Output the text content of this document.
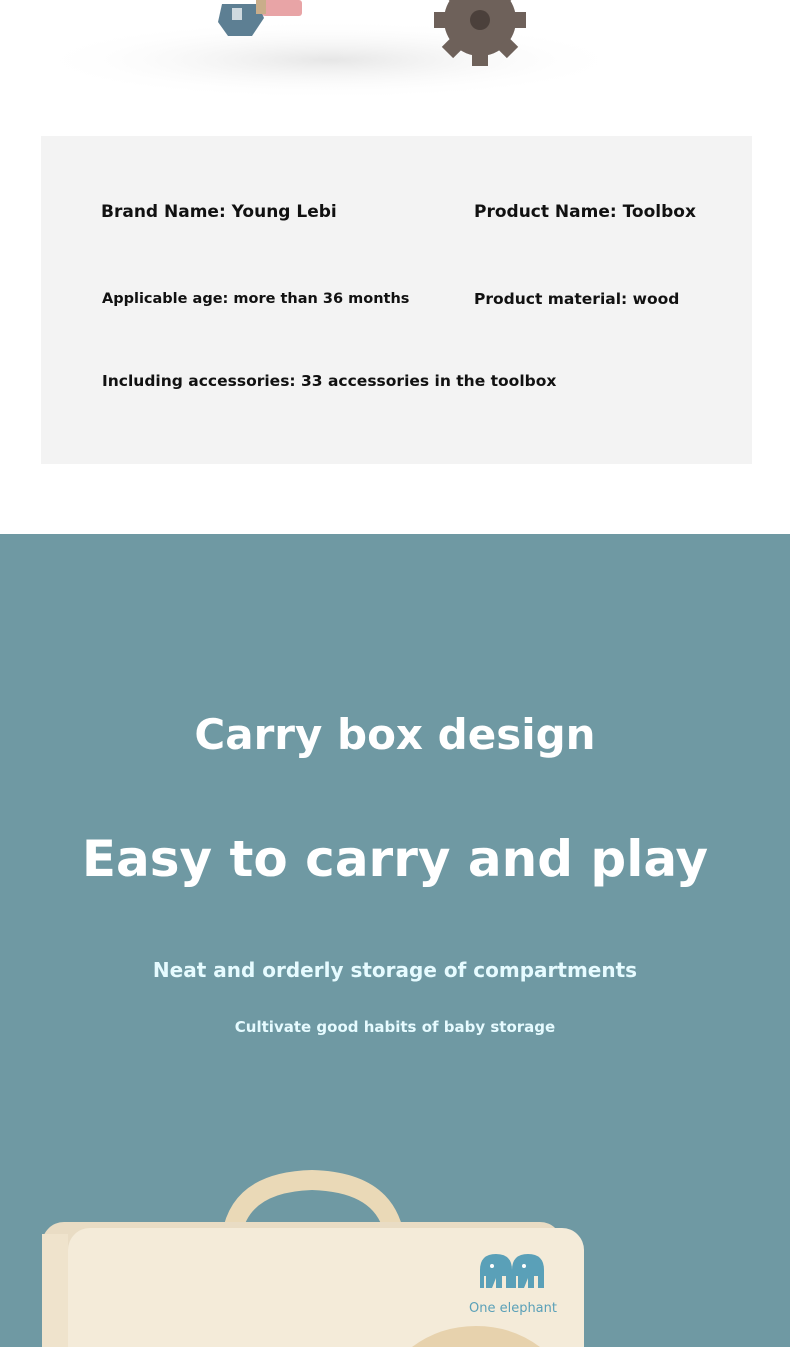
Brand Name: Young Lebi	Product Name: Toolbox
Applicable age: more than 36 months	Product material: wood
Including accessories: 33 accessories in the toolbox
Carry box design
Easy to carry and play
Neat and orderly storage of compartments
Cultivate good habits of baby storage
One elephant
